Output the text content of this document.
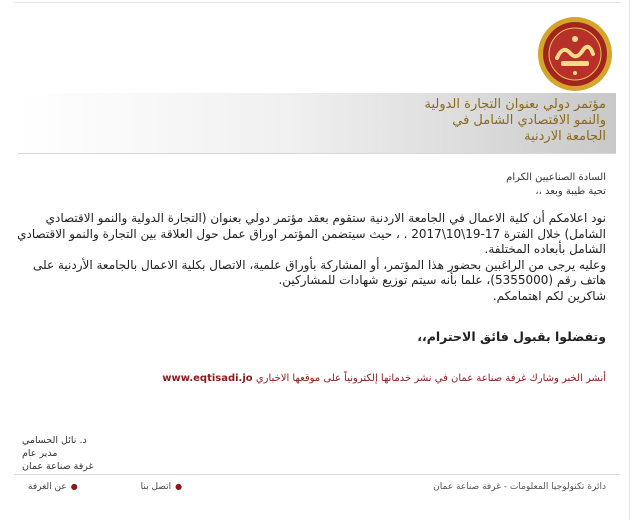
مؤتمر دولي بعنوان التجارة الدولية
والنمو الاقتصادي الشامل في
الجامعة الاردنية
السادة الصناعيين الكرام
تحية طيبة وبعد ،،

نود اعلامكم أن كلية الاعمال في الجامعة الاردنية ستقوم بعقد مؤتمر دولي بعنوان (التجارة الدولية والنمو الاقتصادي الشامل) خلال الفترة 17-19\10\2017 . ، حيث سيتضمن المؤتمر اوراق عمل حول العلاقة بين التجارة والنمو الاقتصادي الشامل بأبعاده المختلفة.

وعليه يرجى من الراغبين بحضور هذا المؤتمر، أو المشاركة بأوراق علمية، الاتصال بكلية الاعمال بالجامعة الأردنية على هاتف رقم (5355000)، علما بأنه سيتم توزيع شهادات للمشاركين.

شاكرين لكم اهتمامكم.

وتفضلوا بقبول فائق الاحترام،،
أنشر الخبر وشارك غرفة صناعة عمان في نشر خدماتها إلكترونياً على موقعها الاخباري www.eqtisadi.jo
د. نائل الحسامي
مدير عام
غرفة صناعة عمان
دائرة تكنولوجيا المعلومات - غرفة صناعة عمان
●اتصل بنا ●عن الغرفة
